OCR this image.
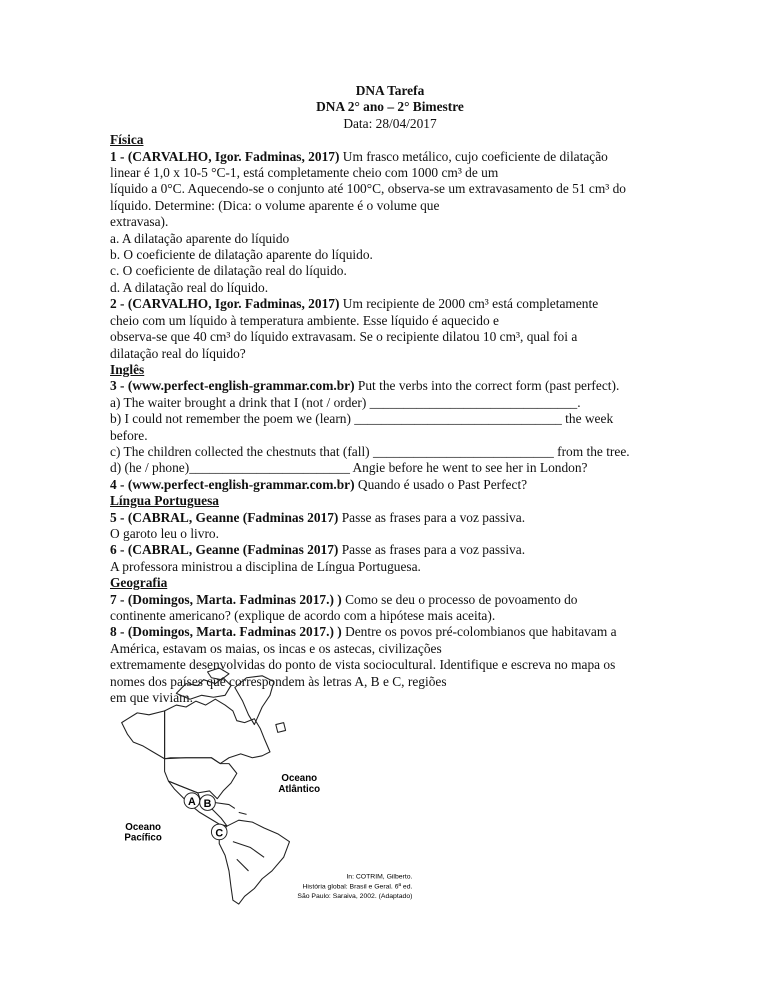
DNA Tarefa
DNA 2° ano – 2° Bimestre
Data: 28/04/2017
Física
1 - (CARVALHO, Igor. Fadminas, 2017) Um frasco metálico, cujo coeficiente de dilatação
linear é 1,0 x 10-5 °C-1, está completamente cheio com 1000 cm³ de um
líquido a 0°C. Aquecendo-se o conjunto até 100°C, observa-se um extravasamento de 51 cm³ do
líquido. Determine: (Dica: o volume aparente é o volume que
extravasa).
a. A dilatação aparente do líquido
b. O coeficiente de dilatação aparente do líquido.
c. O coeficiente de dilatação real do líquido.
d. A dilatação real do líquido.
2 - (CARVALHO, Igor. Fadminas, 2017) Um recipiente de 2000 cm³ está completamente
cheio com um líquido à temperatura ambiente. Esse líquido é aquecido e
observa-se que 40 cm³ do líquido extravasam. Se o recipiente dilatou 10 cm³, qual foi a
dilatação real do líquido?
Inglês
3 - (www.perfect-english-grammar.com.br) Put the verbs into the correct form (past perfect).
a) The waiter brought a drink that I (not / order) _______________________________.
b) I could not remember the poem we (learn) _______________________________ the week
before.
c) The children collected the chestnuts that (fall) ___________________________ from the tree.
d) (he / phone)________________________ Angie before he went to see her in London?
4 - (www.perfect-english-grammar.com.br) Quando é usado o Past Perfect?
Língua Portuguesa
5 - (CABRAL, Geanne (Fadminas 2017) Passe as frases para a voz passiva.
O garoto leu o livro.
6 - (CABRAL, Geanne (Fadminas 2017) Passe as frases para a voz passiva.
A professora ministrou a disciplina de Língua Portuguesa.
Geografia
7 - (Domingos, Marta. Fadminas 2017.) ) Como se deu o processo de povoamento do
continente americano? (explique de acordo com a hipótese mais aceita).
8 - (Domingos, Marta. Fadminas 2017.) ) Dentre os povos pré-colombianos que habitavam a
América, estavam os maias, os incas e os astecas, civilizações
extremamente desenvolvidas do ponto de vista sociocultural. Identifique e escreva no mapa os
nomes dos países que correspondem às letras A, B e C, regiões
em que viviam.
A B
C
Oceano
Atlântico
Oceano
Pacífico
In: COTRIM, Gilberto.
História global: Brasil e Geral. 6ª ed.
São Paulo: Saraiva, 2002. (Adaptado)
